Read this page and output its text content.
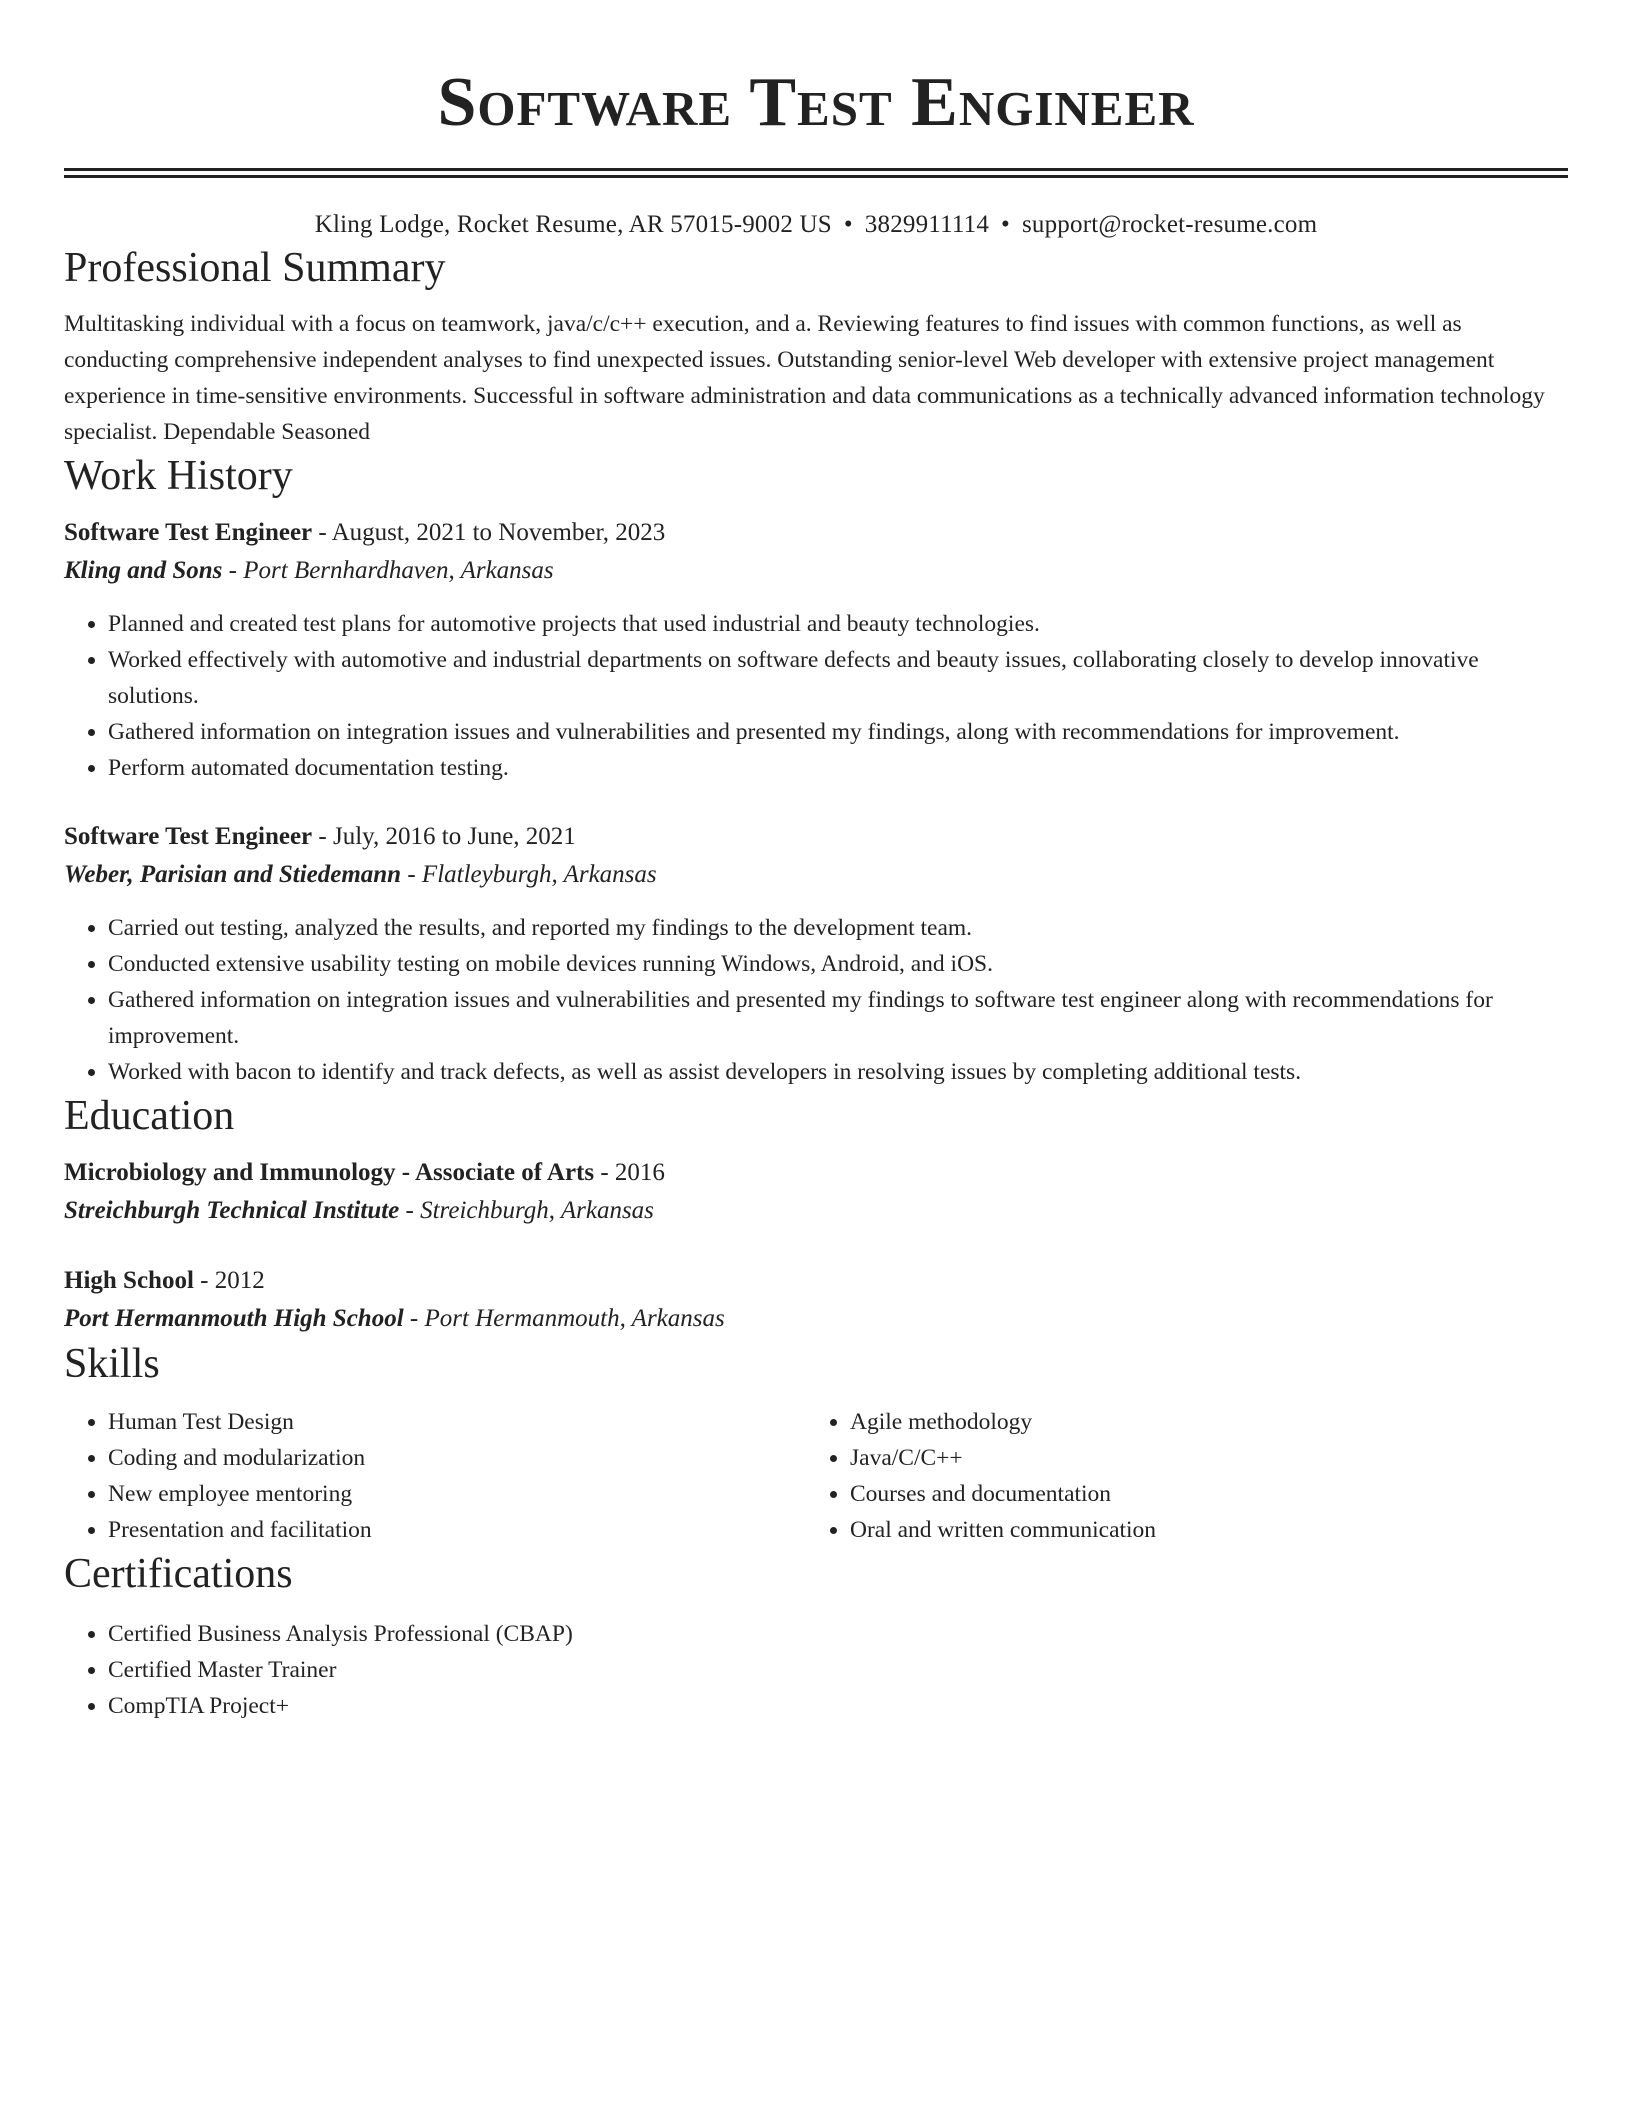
Software Test Engineer
Kling Lodge, Rocket Resume, AR 57015-9002 US • 3829911114 • support@rocket-resume.com
Professional Summary

Multitasking individual with a focus on teamwork, java/c/c++ execution, and a. Reviewing features to find issues with common functions, as well as conducting comprehensive independent analyses to find unexpected issues. Outstanding senior-level Web developer with extensive project management experience in time-sensitive environments. Successful in software administration and data communications as a technically advanced information technology specialist. Dependable Seasoned

Work History
Software Test Engineer - August, 2021 to November, 2023
Kling and Sons - Port Bernhardhaven, Arkansas
• Planned and created test plans for automotive projects that used industrial and beauty technologies.
• Worked effectively with automotive and industrial departments on software defects and beauty issues, collaborating closely to develop innovative solutions.
• Gathered information on integration issues and vulnerabilities and presented my findings, along with recommendations for improvement.
• Perform automated documentation testing.
Software Test Engineer - July, 2016 to June, 2021
Weber, Parisian and Stiedemann - Flatleyburgh, Arkansas
• Carried out testing, analyzed the results, and reported my findings to the development team.
• Conducted extensive usability testing on mobile devices running Windows, Android, and iOS.
• Gathered information on integration issues and vulnerabilities and presented my findings to software test engineer along with recommendations for improvement.
• Worked with bacon to identify and track defects, as well as assist developers in resolving issues by completing additional tests.
Education
Microbiology and Immunology - Associate of Arts - 2016
Streichburgh Technical Institute - Streichburgh, Arkansas
High School - 2012
Port Hermanmouth High School - Port Hermanmouth, Arkansas
Skills
• Human Test Design
• Coding and modularization
• New employee mentoring
• Presentation and facilitation
• Agile methodology
• Java/C/C++
• Courses and documentation
• Oral and written communication
Certifications
• Certified Business Analysis Professional (CBAP)
• Certified Master Trainer
• CompTIA Project+
